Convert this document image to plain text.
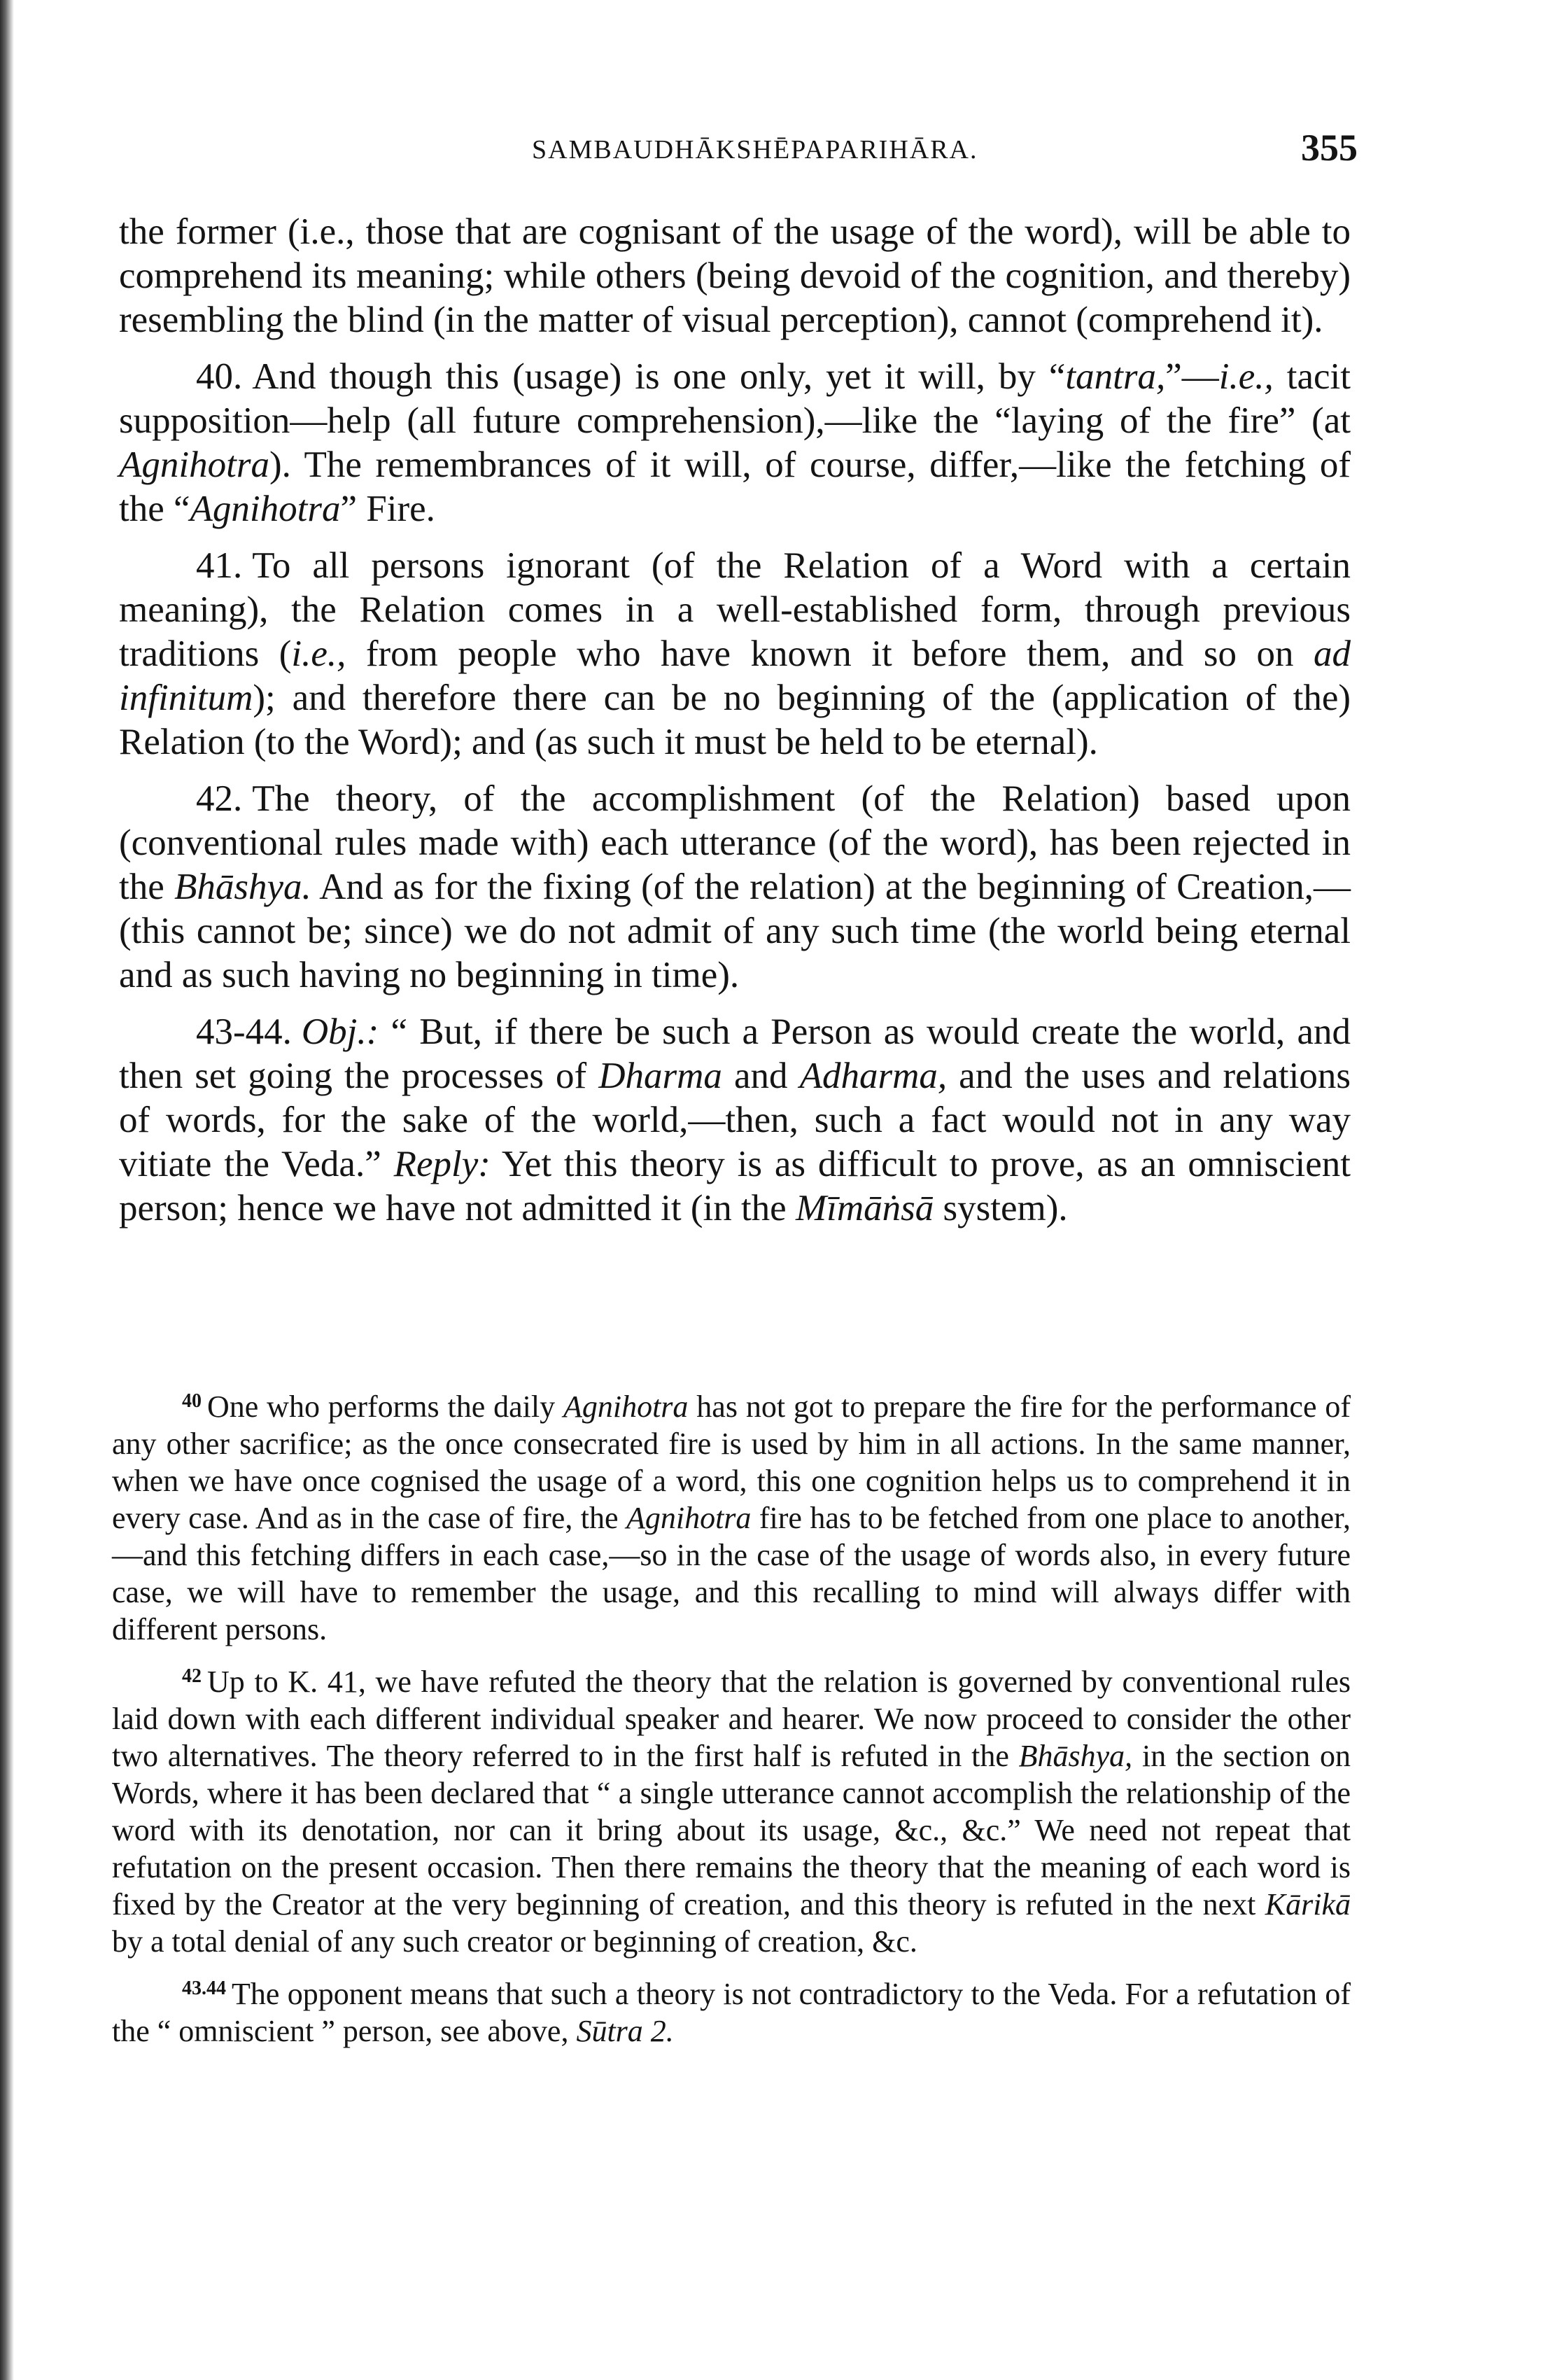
SAMBAUDHĀKSHĒPAPARIHĀRA.	355

the former (i.e., those that are cognisant of the usage of the word), will be able to comprehend its meaning; while others (being devoid of the cognition, and thereby) resembling the blind (in the matter of visual perception), cannot (comprehend it).

40. And though this (usage) is one only, yet it will, by “tantra,”—i.e., tacit supposition—help (all future comprehension),—like the “laying of the fire” (at Agnihotra). The remembrances of it will, of course, differ,—like the fetching of the “Agnihotra” Fire.

41. To all persons ignorant (of the Relation of a Word with a certain meaning), the Relation comes in a well-established form, through previous traditions (i.e., from people who have known it before them, and so on ad infinitum); and therefore there can be no beginning of the (application of the) Relation (to the Word); and (as such it must be held to be eternal).

42. The theory, of the accomplishment (of the Relation) based upon (conventional rules made with) each utterance (of the word), has been rejected in the Bhāshya. And as for the fixing (of the relation) at the beginning of Creation,—(this cannot be; since) we do not admit of any such time (the world being eternal and as such having no beginning in time).

43-44. Obj.: “ But, if there be such a Person as would create the world, and then set going the processes of Dharma and Adharma, and the uses and relations of words, for the sake of the world,—then, such a fact would not in any way vitiate the Veda.” Reply: Yet this theory is as difficult to prove, as an omniscient person; hence we have not admitted it (in the Mīmāṅsā system).

$^{40}$ One who performs the daily Agnihotra has not got to prepare the fire for the performance of any other sacrifice; as the once consecrated fire is used by him in all actions. In the same manner, when we have once cognised the usage of a word, this one cognition helps us to comprehend it in every case. And as in the case of fire, the Agnihotra fire has to be fetched from one place to another,—and this fetching differs in each case,—so in the case of the usage of words also, in every future case, we will have to remember the usage, and this recalling to mind will always differ with different persons.

$^{42}$ Up to K. 41, we have refuted the theory that the relation is governed by conventional rules laid down with each different individual speaker and hearer. We now proceed to consider the other two alternatives. The theory referred to in the first half is refuted in the Bhāshya, in the section on Words, where it has been declared that “ a single utterance cannot accomplish the relationship of the word with its denotation, nor can it bring about its usage, &c., &c.” We need not repeat that refutation on the present occasion. Then there remains the theory that the meaning of each word is fixed by the Creator at the very beginning of creation, and this theory is refuted in the next Kārikā by a total denial of any such creator or beginning of creation, &c.

$^{43.44}$ The opponent means that such a theory is not contradictory to the Veda. For a refutation of the “ omniscient ” person, see above, Sūtra 2.
